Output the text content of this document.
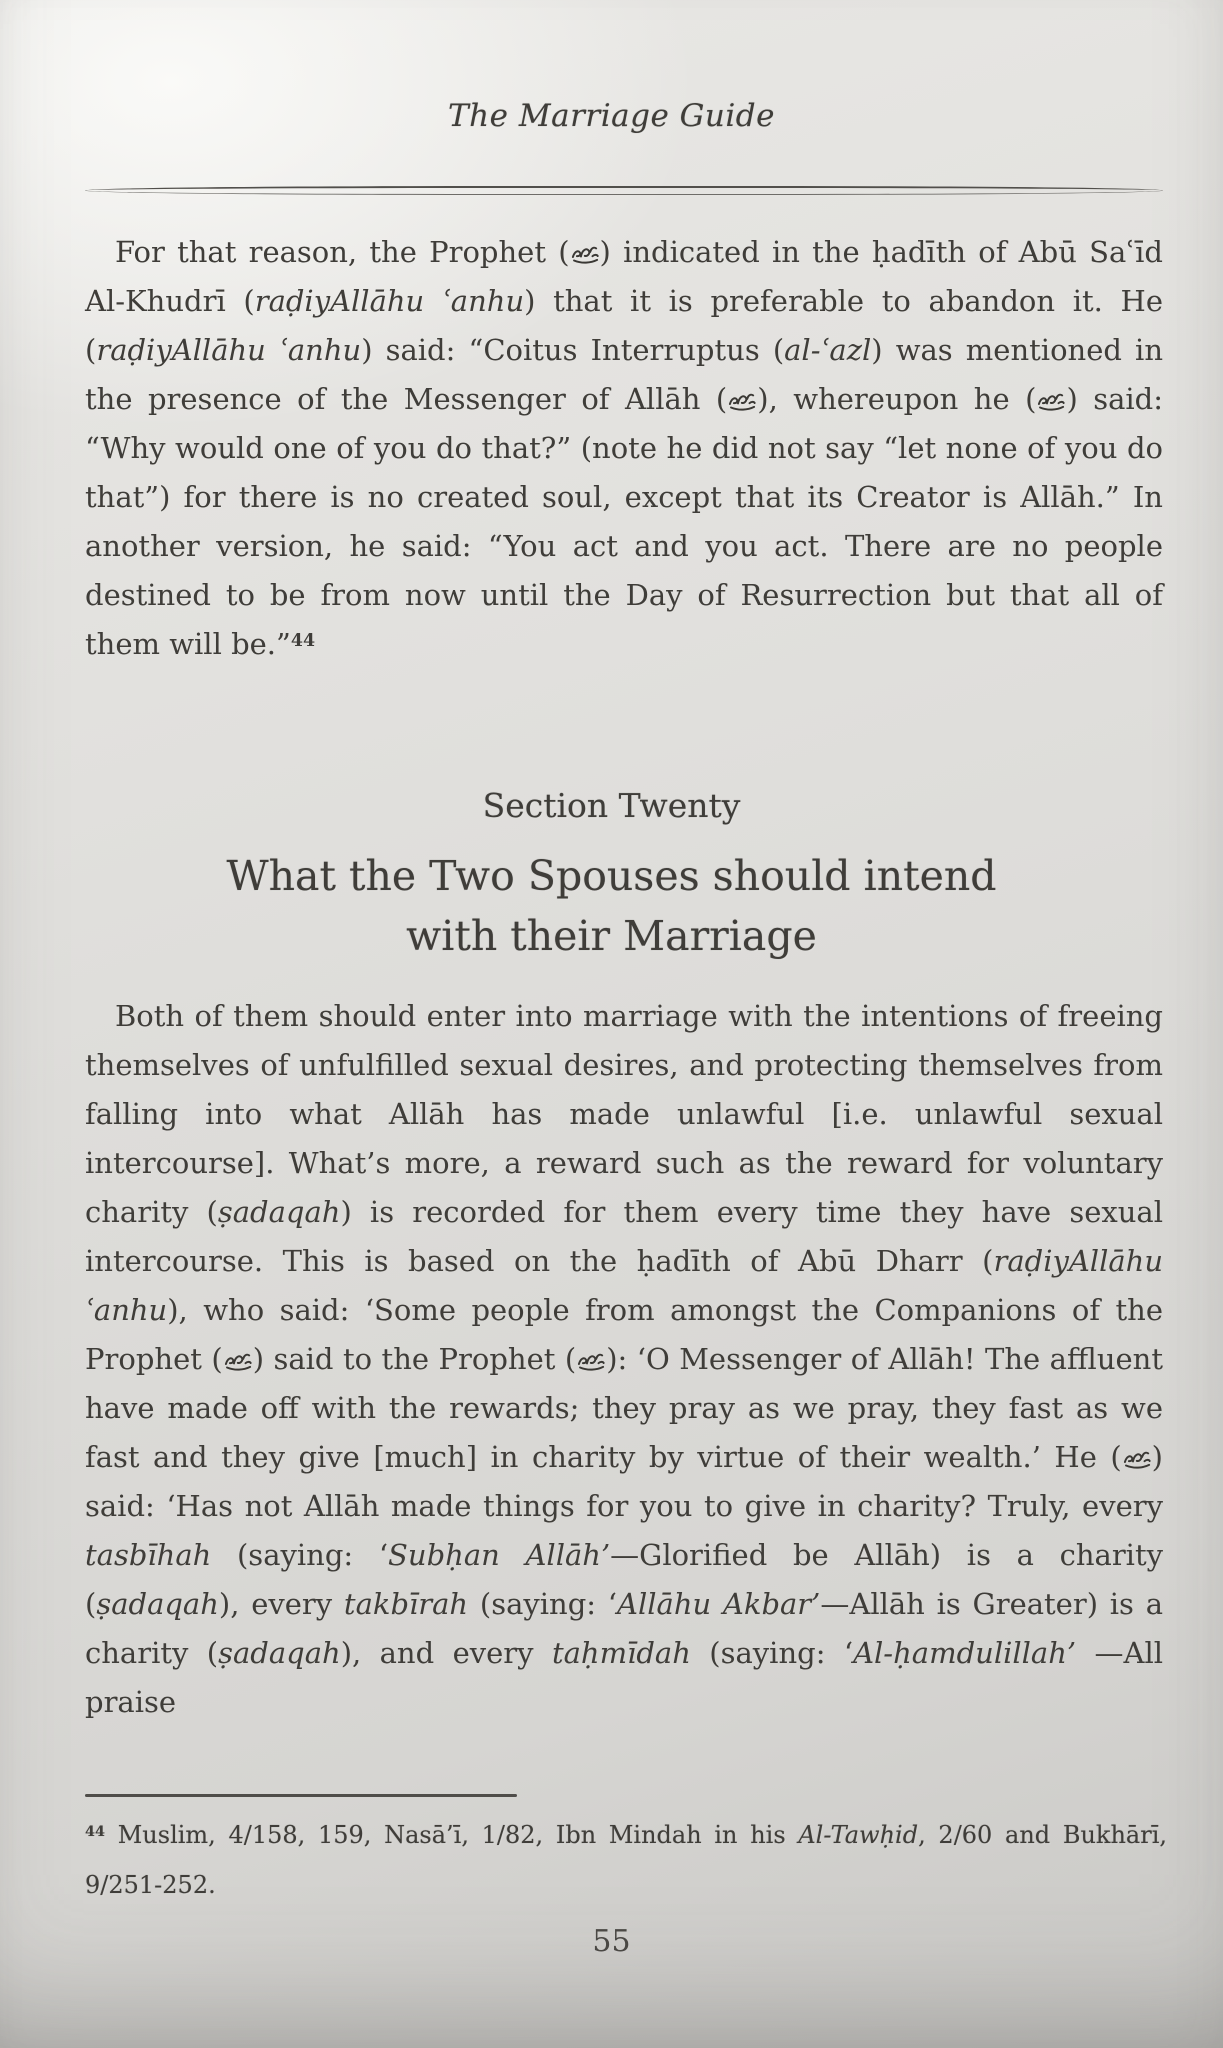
The Marriage Guide

For that reason, the Prophet ( ) indicated in the ḥadīth of Abū Saʿīd Al-Khudrī (raḍiyAllāhu ʿanhu) that it is preferable to abandon it. He (raḍiyAllāhu ʿanhu) said: “Coitus Interruptus (al-ʿazl) was mentioned in the presence of the Messenger of Allāh ( ), whereupon he ( ) said: “Why would one of you do that?” (note he did not say “let none of you do that”) for there is no created soul, except that its Creator is Allāh.” In another version, he said: “You act and you act. There are no people destined to be from now until the Day of Resurrection but that all of them will be.”$^{44}$

Section Twenty
What the Two Spouses should intend
with their Marriage

Both of them should enter into marriage with the intentions of freeing themselves of unfulfilled sexual desires, and protecting themselves from falling into what Allāh has made unlawful [i.e. unlawful sexual intercourse]. What’s more, a reward such as the reward for voluntary charity (ṣadaqah) is recorded for them every time they have sexual intercourse. This is based on the ḥadīth of Abū Dharr (raḍiyAllāhu ʿanhu), who said: ‘Some people from amongst the Companions of the Prophet ( ) said to the Prophet ( ): ‘O Messenger of Allāh! The affluent have made off with the rewards; they pray as we pray, they fast as we fast and they give [much] in charity by virtue of their wealth.’ He ( ) said: ‘Has not Allāh made things for you to give in charity? Truly, every tasbīhah (saying: ‘Subḥan Allāh’—Glorified be Allāh) is a charity (ṣadaqah), every takbīrah (saying: ‘Allāhu Akbar’—Allāh is Greater) is a charity (ṣadaqah), and every taḥmīdah (saying: ‘Al-ḥamdulillah’ —All praise

$^{44}$ Muslim, 4/158, 159, Nasā’ī, 1/82, Ibn Mindah in his Al-Tawḥid, 2/60 and Bukhārī, 9/251-252.
55
